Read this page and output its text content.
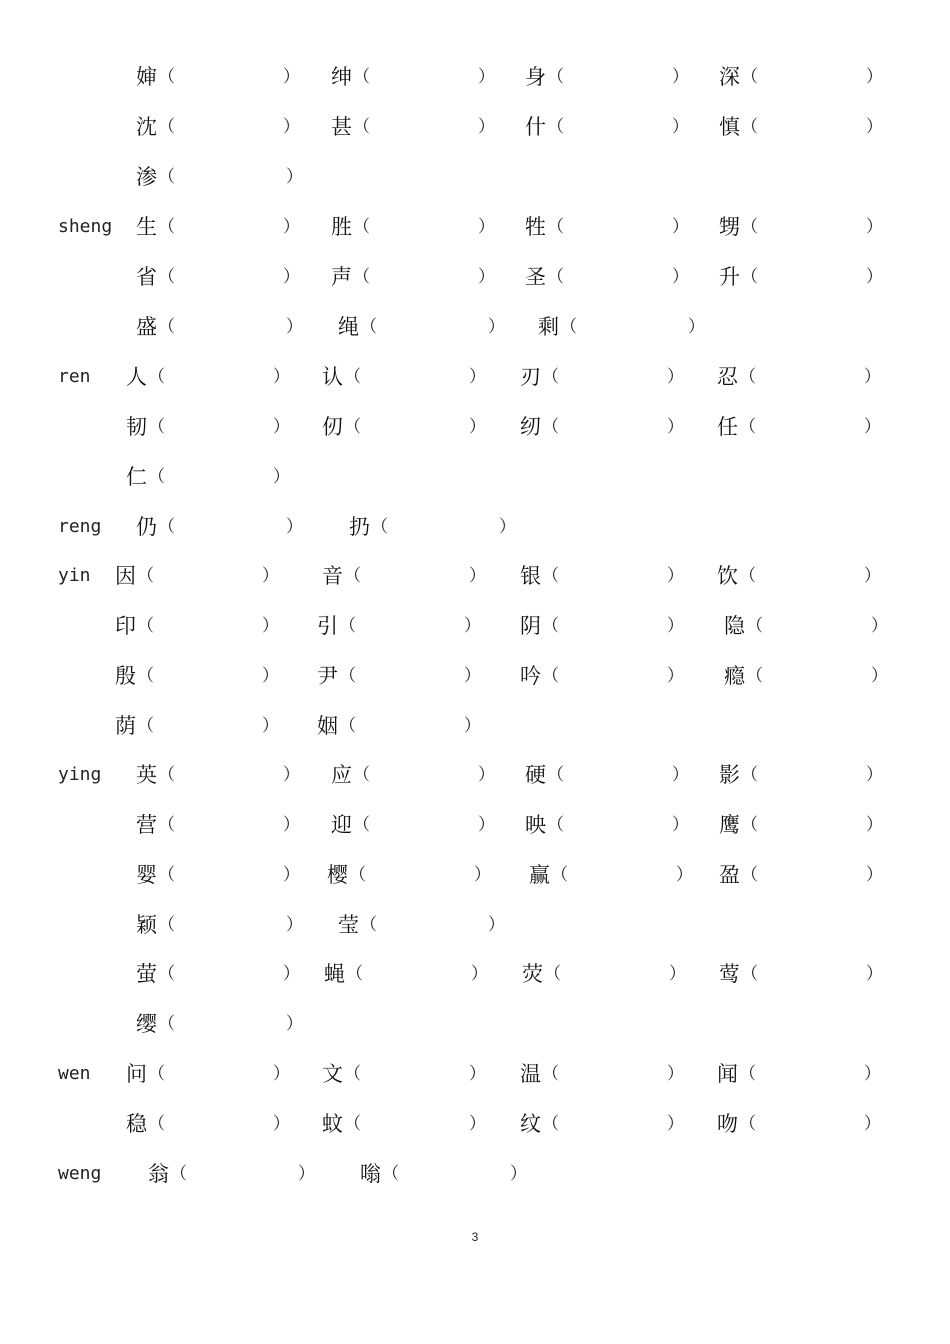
婶 （	） 绅 （	） 身 （	） 深 （	）
沈 （	） 甚 （	） 什 （	） 慎 （	）
渗 （	）
sheng 生 （	） 胜 （	） 牲 （	） 甥 （	）
省 （	） 声 （	） 圣 （	） 升 （	）
盛 （	） 绳 （	） 剩 （	）
ren 人 （	） 认 （	） 刃 （	） 忍 （	）
韧 （	） 仞 （	） 纫 （	） 任 （	）
仁 （	）
reng 仍 （	） 扔 （	）
yin 因 （	） 音 （	） 银 （	） 饮 （	）
印 （	） 引 （	） 阴 （	） 隐 （	）
殷 （	） 尹 （	） 吟 （	） 瘾 （	）
荫 （	） 姻 （	）
ying 英 （	） 应 （	） 硬 （	） 影 （	）
营 （	） 迎 （	） 映 （	） 鹰 （	）
婴 （	） 樱 （	） 赢 （	） 盈 （	）
颖 （	） 莹 （	）
萤 （	） 蝇 （	） 荧 （	） 莺 （	）
缨 （	）
wen 问 （	） 文 （	） 温 （	） 闻 （	）
稳 （	） 蚊 （	） 纹 （	） 吻 （	）
weng 翁 （	） 嗡 （	）
3
